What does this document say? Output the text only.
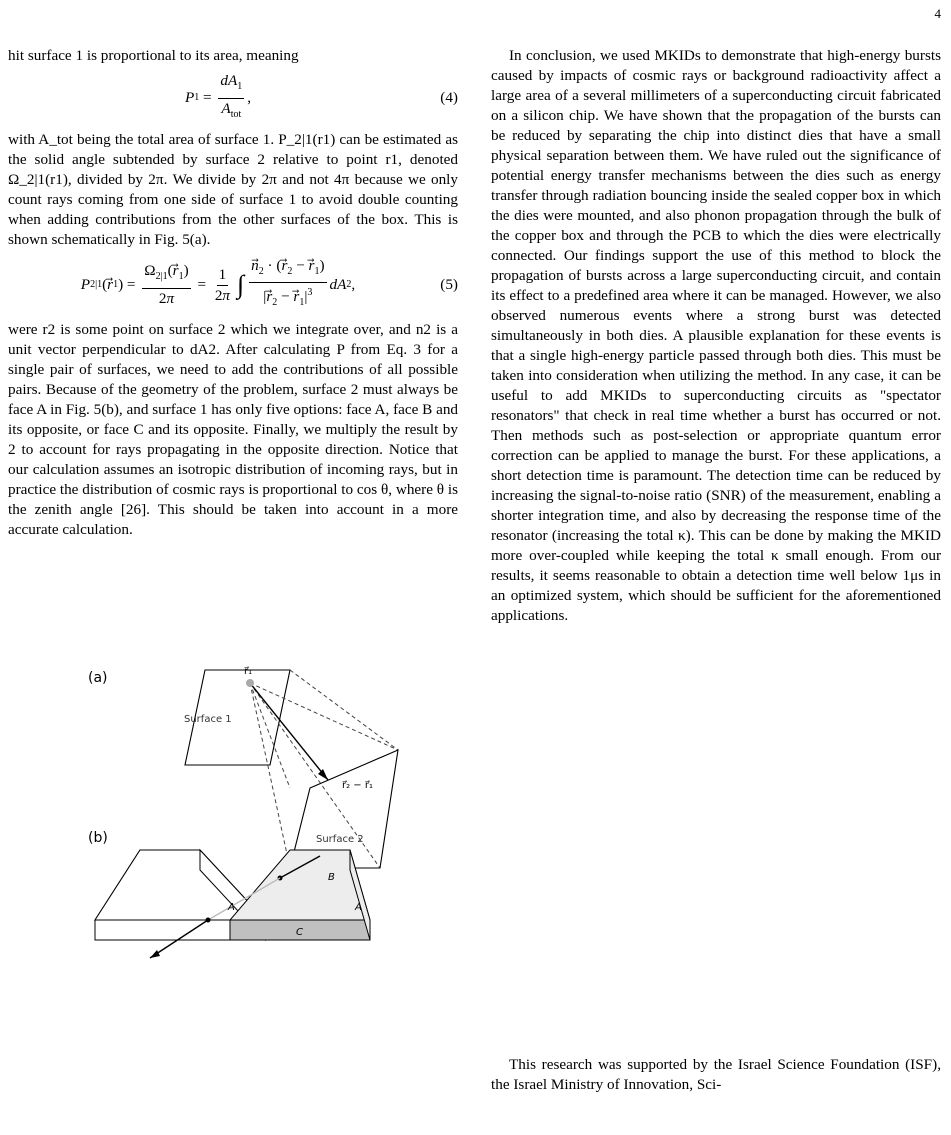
4

hit surface 1 is proportional to its area, meaning

P $1 = \frac{dA_1}{A_{tot}}$ ,	(4)

with A_tot being the total area of surface 1. P_2|1(r1) can be estimated as the solid angle subtended by surface 2 relative to point r1, denoted Ω_2|1(r1), divided by 2π. We divide by 2π and not 4π because we only count rays coming from one side of surface 1 to avoid double counting when adding contributions from the other surfaces of the box. This is shown schematically in Fig. 5(a).

P 2|1 ( r 1 ) = $\frac{\Omega_{2|1}(r_1)}{2\pi} = \frac{1}{2\pi}$ ∫ $\frac{n_2 \cdot (r_2 - r_1)}{|r_2 - r_1|^3}$ dA 2 ,	(5)

were r2 is some point on surface 2 which we integrate over, and n2 is a unit vector perpendicular to dA2. After calculating P from Eq. 3 for a single pair of surfaces, we need to add the contributions of all possible pairs. Because of the geometry of the problem, surface 2 must always be face A in Fig. 5(b), and surface 1 has only five options: face A, face B and its opposite, or face C and its opposite. Finally, we multiply the result by 2 to account for rays propagating in the opposite direction. Notice that our calculation assumes an isotropic distribution of incoming rays, but in practice the distribution of cosmic rays is proportional to cos θ, where θ is the zenith angle [26]. This should be taken into account in a more accurate calculation.

(a)
(b)
Surface 1
Surface 2
r⃗₁
r⃗₂ − r⃗₁
A
B
A
C

In conclusion, we used MKIDs to demonstrate that high-energy bursts caused by impacts of cosmic rays or background radioactivity affect a large area of a several millimeters of a superconducting circuit fabricated on a silicon chip. We have shown that the propagation of the bursts can be reduced by separating the chip into distinct dies that have a small physical separation between them. We have ruled out the significance of potential energy transfer mechanisms between the dies such as energy transfer through radiation bouncing inside the sealed copper box in which the dies were mounted, and also phonon propagation through the bulk of the copper box and through the PCB to which the dies were electrically connected. Our findings support the use of this method to block the propagation of bursts across a large superconducting circuit, and contain its effect to a predefined area where it can be managed. However, we also observed numerous events where a strong burst was detected simultaneously in both dies. A plausible explanation for these events is that a single high-energy particle passed through both dies. This must be taken into consideration when utilizing the method. In any case, it can be useful to add MKIDs to superconducting circuits as "spectator resonators" that check in real time whether a burst has occurred or not. Then methods such as post-selection or appropriate quantum error correction can be applied to manage the burst. For these applications, a short detection time is paramount. The detection time can be reduced by increasing the signal-to-noise ratio (SNR) of the measurement, enabling a shorter integration time, and also by decreasing the response time of the resonator (increasing the total κ). This can be done by making the MKID more over-coupled while keeping the total κ small enough. From our results, it seems reasonable to obtain a detection time well below 1μs in an optimized system, which should be sufficient for the aforementioned applications.

This research was supported by the Israel Science Foundation (ISF), the Israel Ministry of Innovation, Sci-
